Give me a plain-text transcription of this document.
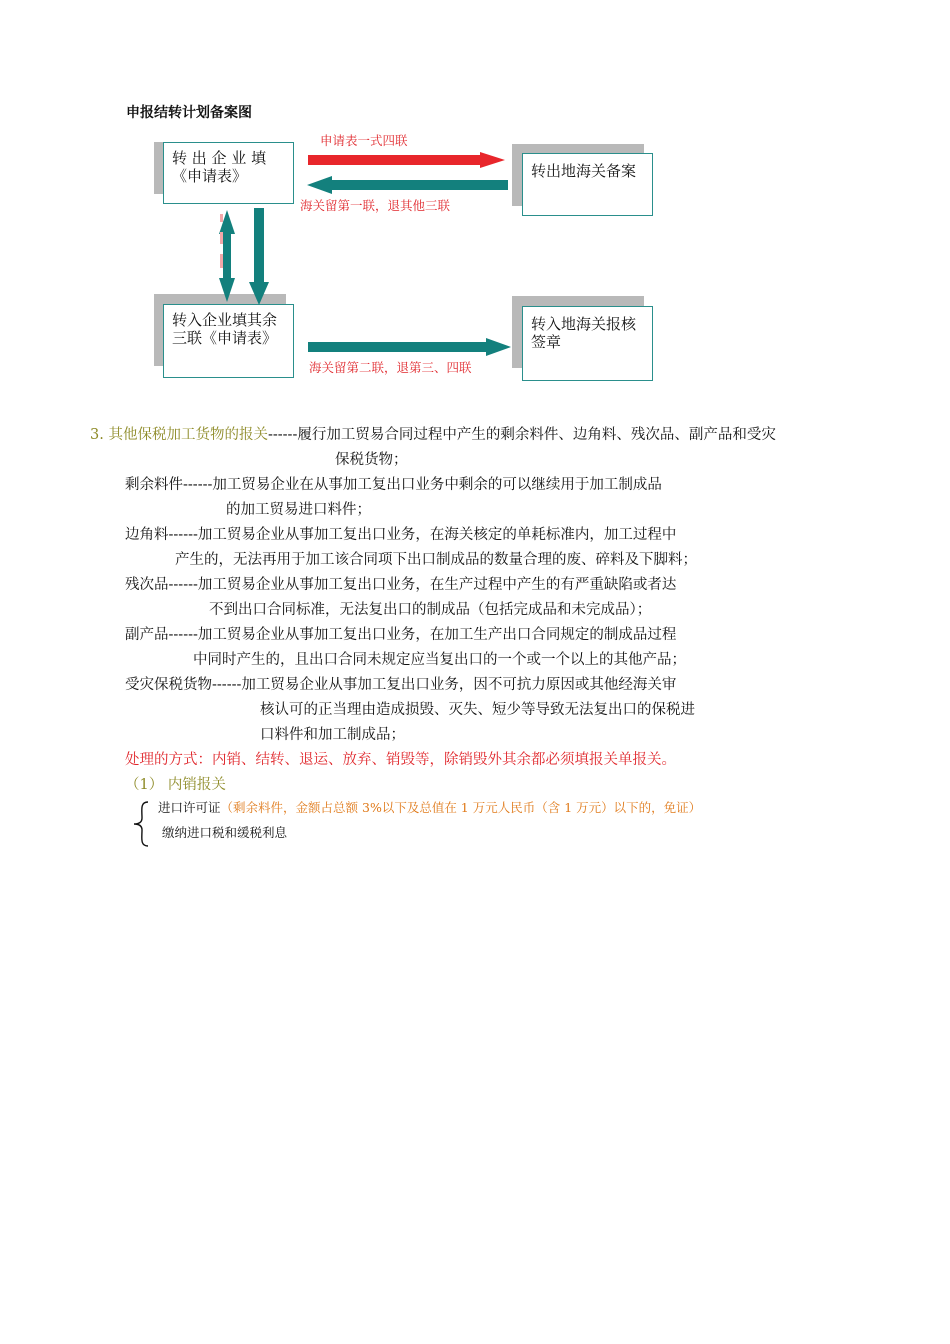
申报结转计划备案图
转 出 企 业 填《申请表》	转出地海关备案
转入企业填其余三联《申请表》
转入地海关报核签章
申请表一式四联
海关留第一联，退其他三联
海关留第二联，退第三、四联
3. 其他保税加工货物的报关------履行加工贸易合同过程中产生的剩余料件、边角料、残次品、副产品和受灾
保税货物；
剩余料件------加工贸易企业在从事加工复出口业务中剩余的可以继续用于加工制成品
的加工贸易进口料件；
边角料------加工贸易企业从事加工复出口业务，在海关核定的单耗标准内，加工过程中
产生的，无法再用于加工该合同项下出口制成品的数量合理的废、碎料及下脚料；
残次品------加工贸易企业从事加工复出口业务，在生产过程中产生的有严重缺陷或者达
不到出口合同标准，无法复出口的制成品（包括完成品和未完成品）；
副产品------加工贸易企业从事加工复出口业务，在加工生产出口合同规定的制成品过程
中同时产生的，且出口合同未规定应当复出口的一个或一个以上的其他产品；
受灾保税货物------加工贸易企业从事加工复出口业务，因不可抗力原因或其他经海关审
核认可的正当理由造成损毁、灭失、短少等导致无法复出口的保税进
口料件和加工制成品；
处理的方式：内销、结转、退运、放弃、销毁等，除销毁外其余都必须填报关单报关。
（1） 内销报关
进口许可证（剩余料件，金额占总额 3%以下及总值在 1 万元人民币（含 1 万元）以下的，免证）
缴纳进口税和缓税利息
